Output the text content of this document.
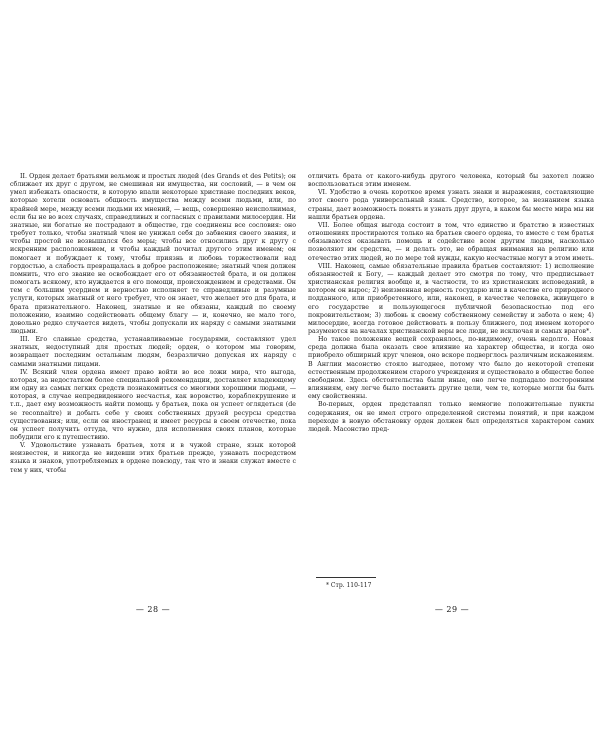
II. Орден делает братьями вельмож и простых людей (des Grands et des Petits); он сближает их друг с другом, не смешивая ни имущества, ни сословий, — в чем он умел избежать опасности, в которую впали некоторые христиане последних веков, которые хотели основать общность имущества между всеми людьми, или, по крайней мере, между всеми людьми их мнений, — вещь, совершенно неисполнимая, если бы не во всех случаях, справедливых и согласных с правилами милосердия. Ни знатные, ни богатые не пострадают в обществе, где соединены все сословия: оно требует только, чтобы знатный член не унижал себя до забвения своего звания, и чтобы простой не возвышался без меры; чтобы все относились друг к другу с искренним расположением, и чтобы каждый почитал другого этим именем; он помогает и побуждает к тому, чтобы приязнь и любовь торжествовали над гордостью, а слабость превращалась в доброе расположение; знатный член должен помнить, что его звание не освобождает его от обязанностей брата, и он должен помогать всякому, кто нуждается в его помощи, происхождением и средствами. Он тем с большим усердием и верностью исполняет те справедливые и разумные услуги, которых знатный от него требует, что он знает, что желает это для брата, и брата признательного. Наконец, знатные и не обязаны, каждый по своему положению, взаимно содействовать общему благу — и, конечно, не мало того, довольно редко случается видеть, чтобы допускали их наряду с самыми знатными людьми.

III. Его славные средства, устанавливаемые государями, составляют удел знатных, недоступный для простых людей; орден, о котором мы говорим, возвращает последним остальным людям, безразлично допуская их наряду с самыми знатными лицами.

IV. Всякий член ордена имеет право войти во все ложи мира, что выгода, которая, за недостатком более специальной рекомендации, доставляет владеющему им одну из самых легких средств познакомиться со многими хорошими людьми, — которая, в случае непредвиденного несчастья, как воровство, кораблекрушение и т.п., дает ему возможность найти помощь у братьев, пока он успеет оглядеться (de se reconnaitre) и добыть себе у своих собственных друзей ресурсы средства существования; или, если он иностранец и имеет ресурсы в своем отечестве, пока он успеет получить оттуда, что нужно, для исполнения своих планов, которые побудили его к путешествию.

V. Удовольствие узнавать братьев, хотя и в чужой стране, язык которой неизвестен, и никогда не видевши этих братьев прежде, узнавать посредством языка и знаков, употребляемых в ордене повсюду, так что и знаки служат вместе с тем у них, чтобы

— 28 —

отличить брата от какого-нибудь другого человека, который бы захотел ложно воспользоваться этим именем.

VI. Удобство в очень короткое время узнать знаки и выражения, составляющие этот своего рода универсальный язык. Средство, которое, за незнанием языка страны, дает возможность понять и узнать друг друга, в каком бы месте мира мы ни нашли братьев ордена.

VII. Более общая выгода состоит в том, что единство и братство в известных отношениях простираются только на братьев своего ордена, то вместе с тем братья обязываются оказывать помощь и содействие всем другим людям, насколько позволяют им средства, — и делать это, не обращая внимания на религию или отечество этих людей, но по мере той нужды, какую несчастные могут в этом иметь.

VIII. Наконец, самые обязательные правила братьев составляют: 1) исполнение обязанностей к Богу, — каждый делает это смотря по тому, что предписывает христианская религия вообще и, в частности, то из христианских исповеданий, в котором он вырос; 2) неизменная верность государю или в качестве его природного подданного, или приобретенного, или, наконец, в качестве человека, живущего в его государстве и пользующегося публичной безопасностью под его покровительством; 3) любовь к своему собственному семейству и забота о нем; 4) милосердие, всегда готовое действовать в пользу ближнего, под именем которого разумеются на началах христианской веры все люди, не исключая и самых врагов*.

Но такое положение вещей сохранялось, по-видимому, очень недолго. Новая среда должна была оказать свое влияние на характер общества, и когда оно приобрело обширный круг членов, оно вскоре подверглось различным искажениям. В Англии масонство стояло выгоднее, потому что было до некоторой степени естественным продолжением старого учреждения и существовало в обществе более свободном. Здесь обстоятельства были иные, оно легче подпадало посторонним влияниям, ему легче было поставить другие цели, чем те, которые могли бы быть ему свойственны.

Во-первых, орден представлял только немногие положительные пункты содержания, он не имел строго определенной системы понятий, и при каждом переходе в новую обстановку орден должен был определяться характером самих людей. Масонство пред-

* Стр. 110-117
— 29 —
